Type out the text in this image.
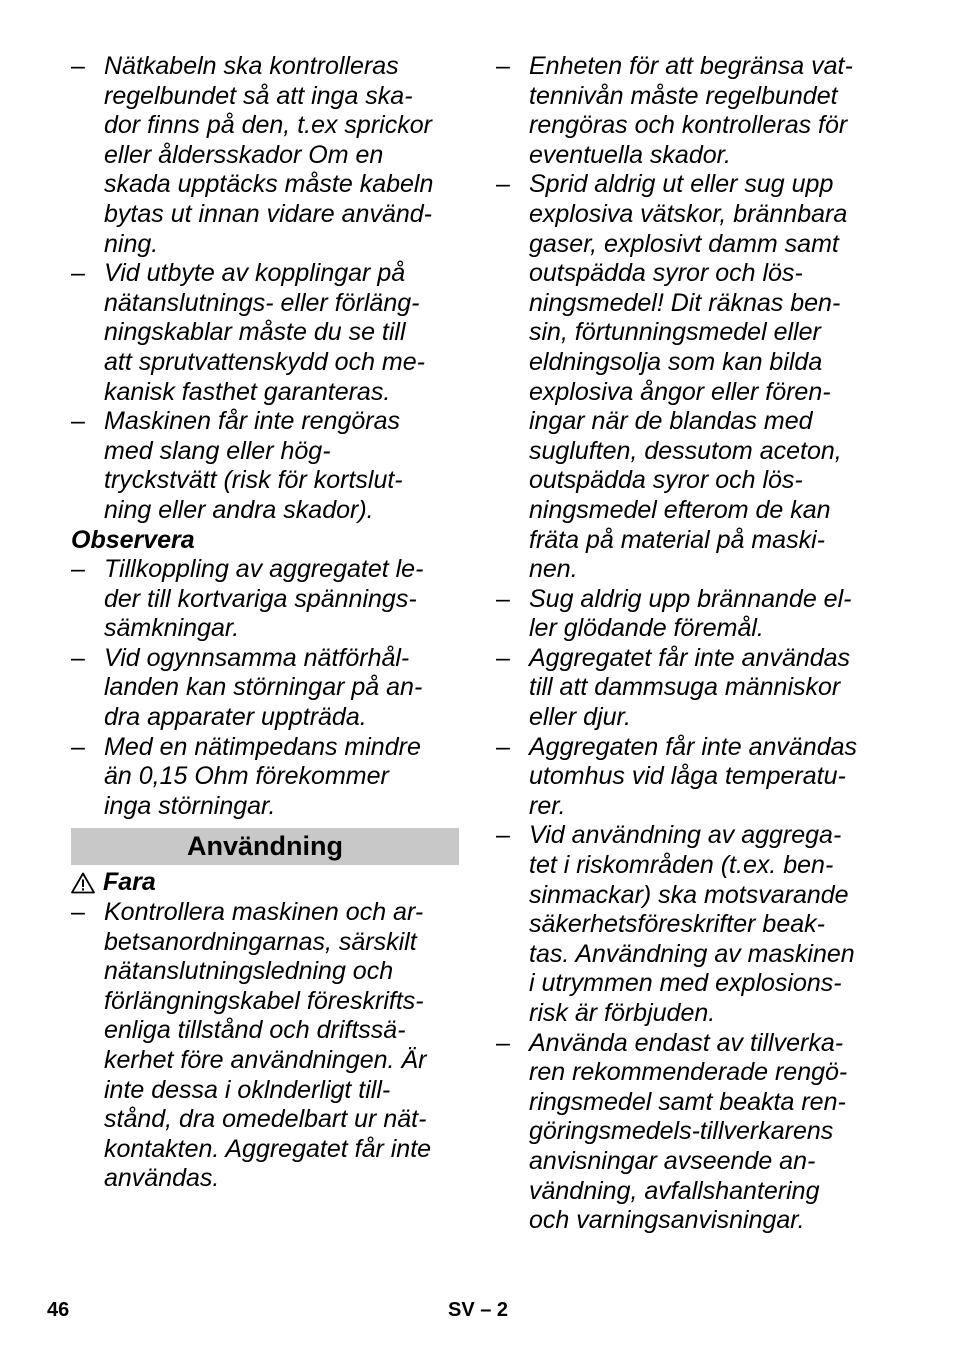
– Nätkabeln ska kontrolleras
regelbundet så att inga ska-
dor finns på den, t.ex sprickor
eller åldersskador Om en
skada upptäcks måste kabeln
bytas ut innan vidare använd-
ning.
– Vid utbyte av kopplingar på
nätanslutnings- eller förläng-
ningskablar måste du se till
att sprutvattenskydd och me-
kanisk fasthet garanteras.
– Maskinen får inte rengöras
med slang eller hög-
tryckstvätt (risk för kortslut-
ning eller andra skador).
Observera
– Tillkoppling av aggregatet le-
der till kortvariga spännings-
sämkningar.
– Vid ogynnsamma nätförhål-
landen kan störningar på an-
dra apparater uppträda.
– Med en nätimpedans mindre
än 0,15 Ohm förekommer
inga störningar.
Användning
Fara
– Kontrollera maskinen och ar-
betsanordningarnas, särskilt
nätanslutningsledning och
förlängningskabel föreskrifts-
enliga tillstånd och driftssä-
kerhet före användningen. Är
inte dessa i oklnderligt till-
stånd, dra omedelbart ur nät-
kontakten. Aggregatet får inte
användas.
– Enheten för att begränsa vat-
tennivån måste regelbundet
rengöras och kontrolleras för
eventuella skador.
– Sprid aldrig ut eller sug upp
explosiva vätskor, brännbara
gaser, explosivt damm samt
outspädda syror och lös-
ningsmedel! Dit räknas ben-
sin, förtunningsmedel eller
eldningsolja som kan bilda
explosiva ångor eller fören-
ingar när de blandas med
sugluften, dessutom aceton,
outspädda syror och lös-
ningsmedel efterom de kan
fräta på material på maski-
nen.
– Sug aldrig upp brännande el-
ler glödande föremål.
– Aggregatet får inte användas
till att dammsuga människor
eller djur.
– Aggregaten får inte användas
utomhus vid låga temperatu-
rer.
– Vid användning av aggrega-
tet i riskområden (t.ex. ben-
sinmackar) ska motsvarande
säkerhetsföreskrifter beak-
tas. Användning av maskinen
i utrymmen med explosions-
risk är förbjuden.
– Använda endast av tillverka-
ren rekommenderade rengö-
ringsmedel samt beakta ren-
göringsmedels-tillverkarens
anvisningar avseende an-
vändning, avfallshantering
och varningsanvisningar.
46	SV – 2
